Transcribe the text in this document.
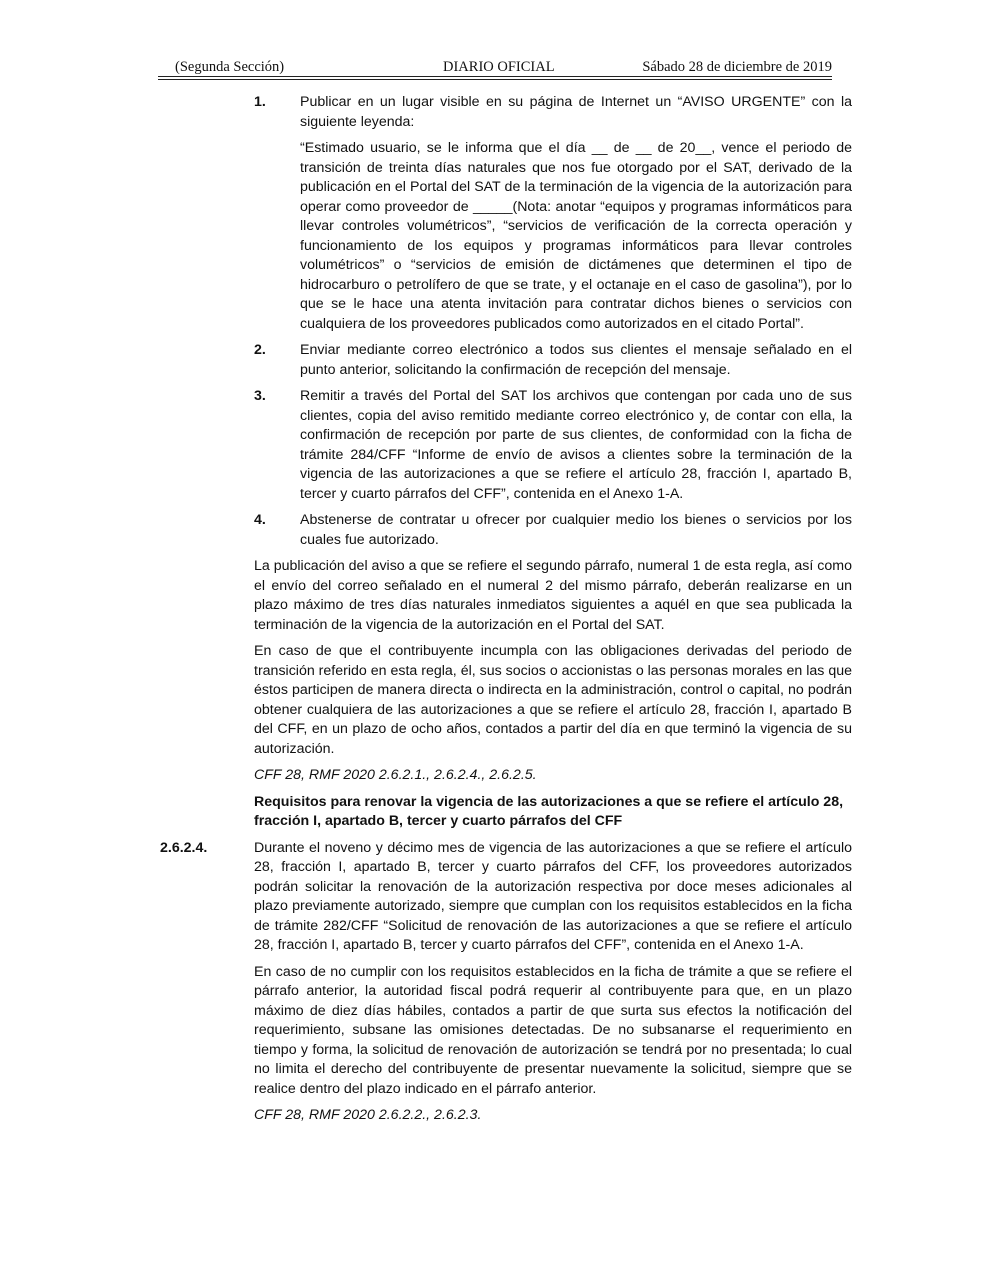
(Segunda Sección)	DIARIO OFICIAL	Sábado 28 de diciembre de 2019
1. Publicar en un lugar visible en su página de Internet un “AVISO URGENTE” con la siguiente leyenda:

“Estimado usuario, se le informa que el día __ de __ de 20__, vence el periodo de transición de treinta días naturales que nos fue otorgado por el SAT, derivado de la publicación en el Portal del SAT de la terminación de la vigencia de la autorización para operar como proveedor de _____(Nota: anotar “equipos y programas informáticos para llevar controles volumétricos”, “servicios de verificación de la correcta operación y funcionamiento de los equipos y programas informáticos para llevar controles volumétricos” o “servicios de emisión de dictámenes que determinen el tipo de hidrocarburo o petrolífero de que se trate, y el octanaje en el caso de gasolina”), por lo que se le hace una atenta invitación para contratar dichos bienes o servicios con cualquiera de los proveedores publicados como autorizados en el citado Portal”.

2. Enviar mediante correo electrónico a todos sus clientes el mensaje señalado en el punto anterior, solicitando la confirmación de recepción del mensaje.

3. Remitir a través del Portal del SAT los archivos que contengan por cada uno de sus clientes, copia del aviso remitido mediante correo electrónico y, de contar con ella, la confirmación de recepción por parte de sus clientes, de conformidad con la ficha de trámite 284/CFF “Informe de envío de avisos a clientes sobre la terminación de la vigencia de las autorizaciones a que se refiere el artículo 28, fracción I, apartado B, tercer y cuarto párrafos del CFF”, contenida en el Anexo 1-A.

4. Abstenerse de contratar u ofrecer por cualquier medio los bienes o servicios por los cuales fue autorizado.

La publicación del aviso a que se refiere el segundo párrafo, numeral 1 de esta regla, así como el envío del correo señalado en el numeral 2 del mismo párrafo, deberán realizarse en un plazo máximo de tres días naturales inmediatos siguientes a aquél en que sea publicada la terminación de la vigencia de la autorización en el Portal del SAT.

En caso de que el contribuyente incumpla con las obligaciones derivadas del periodo de transición referido en esta regla, él, sus socios o accionistas o las personas morales en las que éstos participen de manera directa o indirecta en la administración, control o capital, no podrán obtener cualquiera de las autorizaciones a que se refiere el artículo 28, fracción I, apartado B del CFF, en un plazo de ocho años, contados a partir del día en que terminó la vigencia de su autorización.

CFF 28, RMF 2020 2.6.2.1., 2.6.2.4., 2.6.2.5.

Requisitos para renovar la vigencia de las autorizaciones a que se refiere el artículo 28, fracción I, apartado B, tercer y cuarto párrafos del CFF

2.6.2.4.	Durante el noveno y décimo mes de vigencia de las autorizaciones a que se refiere el artículo 28, fracción I, apartado B, tercer y cuarto párrafos del CFF, los proveedores autorizados podrán solicitar la renovación de la autorización respectiva por doce meses adicionales al plazo previamente autorizado, siempre que cumplan con los requisitos establecidos en la ficha de trámite 282/CFF “Solicitud de renovación de las autorizaciones a que se refiere el artículo 28, fracción I, apartado B, tercer y cuarto párrafos del CFF”, contenida en el Anexo 1-A.

En caso de no cumplir con los requisitos establecidos en la ficha de trámite a que se refiere el párrafo anterior, la autoridad fiscal podrá requerir al contribuyente para que, en un plazo máximo de diez días hábiles, contados a partir de que surta sus efectos la notificación del requerimiento, subsane las omisiones detectadas. De no subsanarse el requerimiento en tiempo y forma, la solicitud de renovación de autorización se tendrá por no presentada; lo cual no limita el derecho del contribuyente de presentar nuevamente la solicitud, siempre que se realice dentro del plazo indicado en el párrafo anterior.

CFF 28, RMF 2020 2.6.2.2., 2.6.2.3.
